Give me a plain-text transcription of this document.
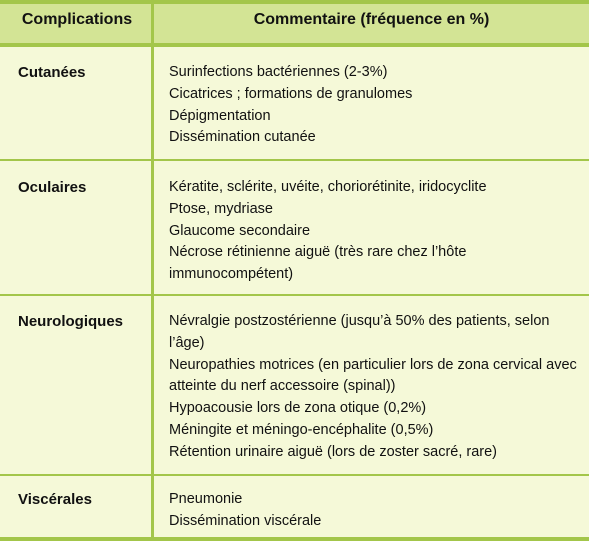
Complications	Commentaire (fréquence en %)
Cutanées	Surinfections bactériennes (2-3%)
Cicatrices ; formations de granulomes
Dépigmentation
Dissémination cutanée
Oculaires	Kératite, sclérite, uvéite, choriorétinite, iridocyclite
Ptose, mydriase
Glaucome secondaire
Nécrose rétinienne aiguë (très rare chez l’hôte immunocompétent)
Neurologiques	Névralgie postzostérienne (jusqu’à 50% des patients, selon l’âge)
Neuropathies motrices (en particulier lors de zona cervical avec atteinte du nerf accessoire (spinal))
Hypoacousie lors de zona otique (0,2%)
Méningite et méningo-encéphalite (0,5%)
Rétention urinaire aiguë (lors de zoster sacré, rare)
Viscérales	Pneumonie
Dissémination viscérale
